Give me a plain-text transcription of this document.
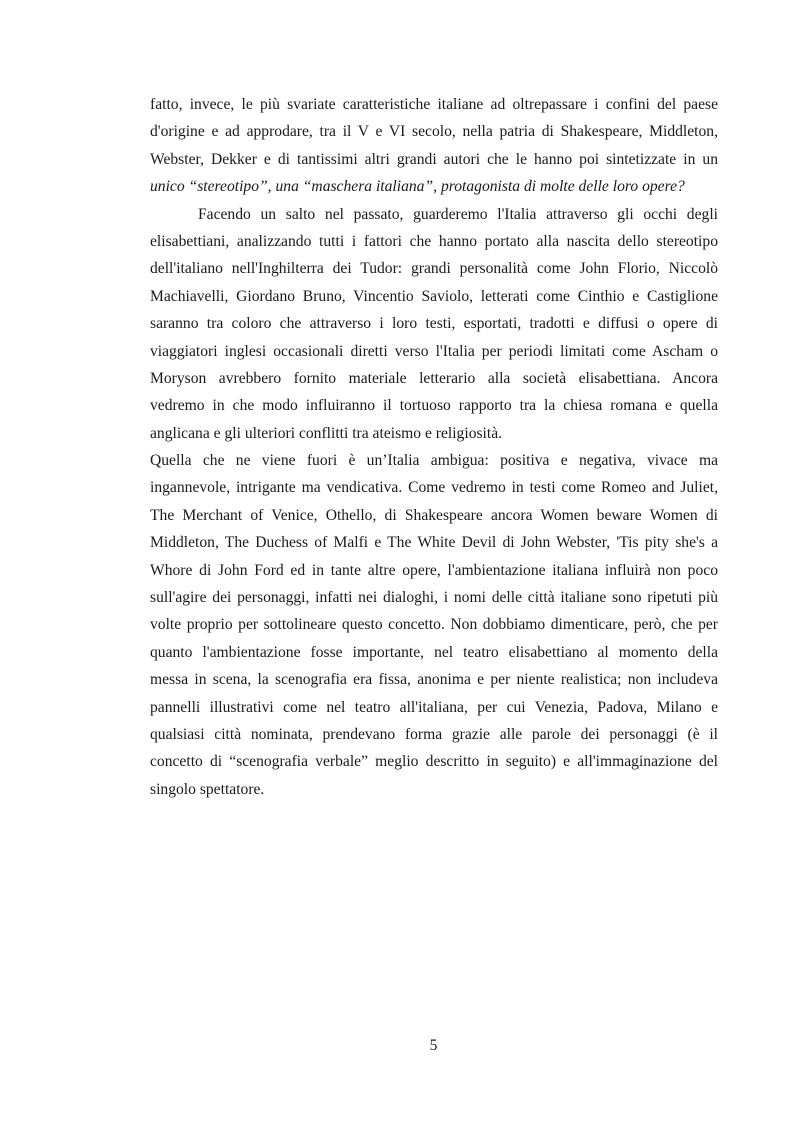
fatto, invece, le più svariate caratteristiche italiane ad oltrepassare i confini del paese
d'origine e ad approdare, tra il V e VI secolo, nella patria di Shakespeare, Middleton,
Webster, Dekker e di tantissimi altri grandi autori che le hanno poi sintetizzate in un
unico “stereotipo”, una “maschera italiana”, protagonista di molte delle loro opere?
Facendo un salto nel passato, guarderemo l'Italia attraverso gli occhi degli
elisabettiani, analizzando tutti i fattori che hanno portato alla nascita dello stereotipo
dell'italiano nell'Inghilterra dei Tudor: grandi personalità come John Florio, Niccolò
Machiavelli, Giordano Bruno, Vincentio Saviolo, letterati come Cinthio e Castiglione
saranno tra coloro che attraverso i loro testi, esportati, tradotti e diffusi o opere di
viaggiatori inglesi occasionali diretti verso l'Italia per periodi limitati come Ascham o
Moryson avrebbero fornito materiale letterario alla società elisabettiana. Ancora
vedremo in che modo influiranno il tortuoso rapporto tra la chiesa romana e quella
anglicana e gli ulteriori conflitti tra ateismo e religiosità.
Quella che ne viene fuori è un’Italia ambigua: positiva e negativa, vivace ma
ingannevole, intrigante ma vendicativa. Come vedremo in testi come Romeo and Juliet,
The Merchant of Venice, Othello, di Shakespeare ancora Women beware Women di
Middleton, The Duchess of Malfi e The White Devil di John Webster, 'Tis pity she's a
Whore di John Ford ed in tante altre opere, l'ambientazione italiana influirà non poco
sull'agire dei personaggi, infatti nei dialoghi, i nomi delle città italiane sono ripetuti più
volte proprio per sottolineare questo concetto. Non dobbiamo dimenticare, però, che per
quanto l'ambientazione fosse importante, nel teatro elisabettiano al momento della
messa in scena, la scenografia era fissa, anonima e per niente realistica; non includeva
pannelli illustrativi come nel teatro all'italiana, per cui Venezia, Padova, Milano e
qualsiasi città nominata, prendevano forma grazie alle parole dei personaggi (è il
concetto di “scenografia verbale” meglio descritto in seguito) e all'immaginazione del
singolo spettatore.
5
